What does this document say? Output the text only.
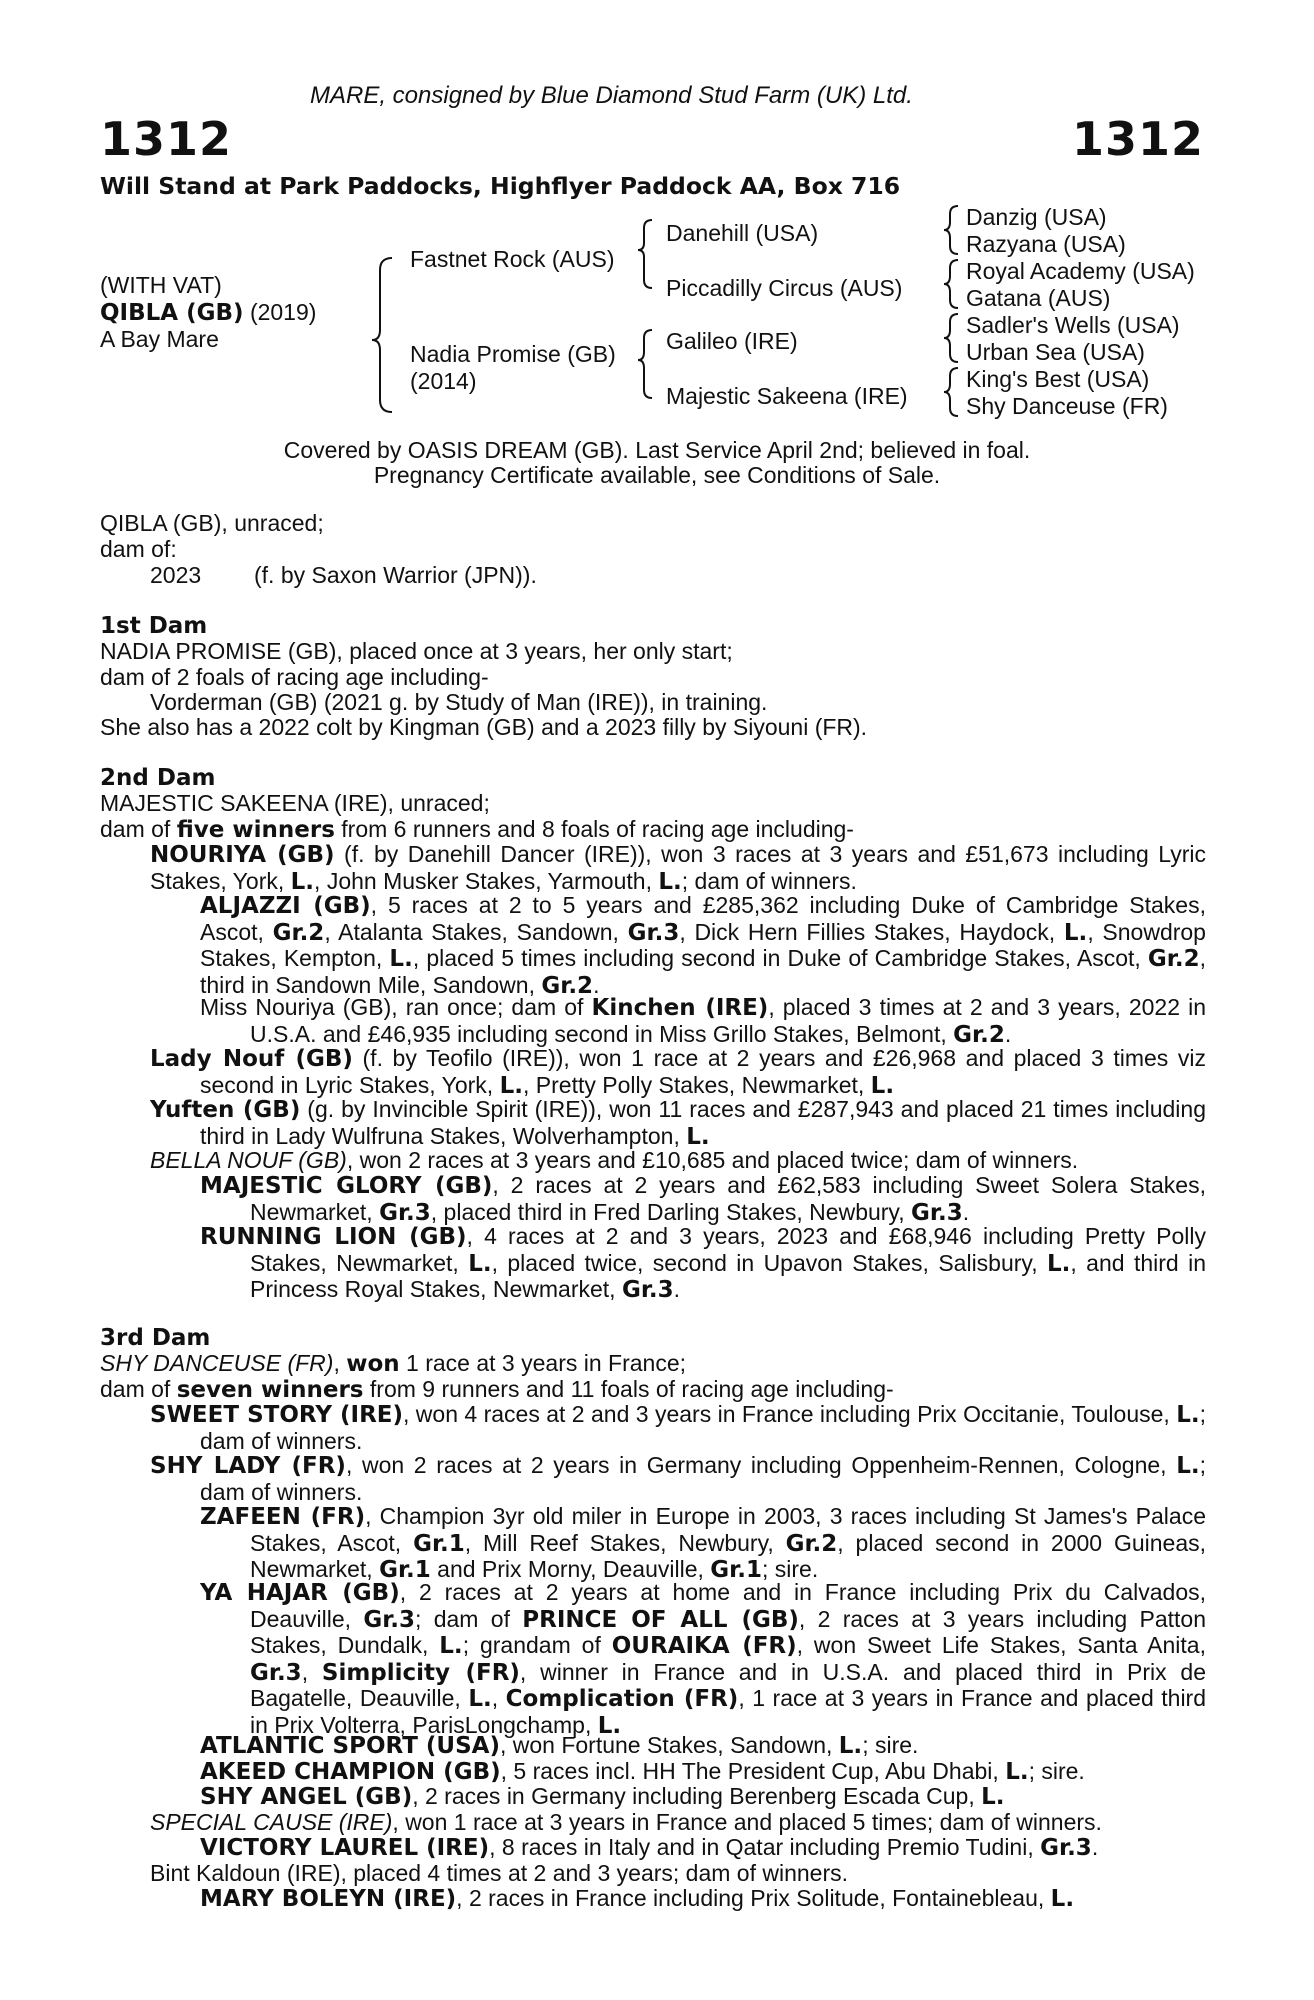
MARE, consigned by Blue Diamond Stud Farm (UK) Ltd.
1312	1312
Will Stand at Park Paddocks, Highflyer Paddock AA, Box 716
(WITH VAT)
QIBLA (GB) (2019)
A Bay Mare
Fastnet Rock (AUS)
Nadia Promise (GB)
(2014)
Danehill (USA)
Piccadilly Circus (AUS)
Galileo (IRE)
Majestic Sakeena (IRE)
Danzig (USA)
Razyana (USA)
Royal Academy (USA)
Gatana (AUS)
Sadler's Wells (USA)
Urban Sea (USA)
King's Best (USA)
Shy Danceuse (FR)
Covered by OASIS DREAM (GB). Last Service April 2nd; believed in foal.
Pregnancy Certificate available, see Conditions of Sale.
QIBLA (GB), unraced;
dam of:
2023 (f. by Saxon Warrior (JPN)).
1st Dam
NADIA PROMISE (GB), placed once at 3 years, her only start;
dam of 2 foals of racing age including-
Vorderman (GB) (2021 g. by Study of Man (IRE)), in training.
She also has a 2022 colt by Kingman (GB) and a 2023 filly by Siyouni (FR).
2nd Dam
MAJESTIC SAKEENA (IRE), unraced;
dam of five winners from 6 runners and 8 foals of racing age including-
NOURIYA (GB) (f. by Danehill Dancer (IRE)), won 3 races at 3 years and £51,673 including Lyric Stakes, York, L., John Musker Stakes, Yarmouth, L.; dam of winners.
ALJAZZI (GB), 5 races at 2 to 5 years and £285,362 including Duke of Cambridge Stakes, Ascot, Gr.2, Atalanta Stakes, Sandown, Gr.3, Dick Hern Fillies Stakes, Haydock, L., Snowdrop Stakes, Kempton, L., placed 5 times including second in Duke of Cambridge Stakes, Ascot, Gr.2, third in Sandown Mile, Sandown, Gr.2.
Miss Nouriya (GB), ran once; dam of Kinchen (IRE), placed 3 times at 2 and 3 years, 2022 in U.S.A. and £46,935 including second in Miss Grillo Stakes, Belmont, Gr.2.
Lady Nouf (GB) (f. by Teofilo (IRE)), won 1 race at 2 years and £26,968 and placed 3 times viz second in Lyric Stakes, York, L., Pretty Polly Stakes, Newmarket, L.
Yuften (GB) (g. by Invincible Spirit (IRE)), won 11 races and £287,943 and placed 21 times including third in Lady Wulfruna Stakes, Wolverhampton, L.
BELLA NOUF (GB), won 2 races at 3 years and £10,685 and placed twice; dam of winners.
MAJESTIC GLORY (GB), 2 races at 2 years and £62,583 including Sweet Solera Stakes, Newmarket, Gr.3, placed third in Fred Darling Stakes, Newbury, Gr.3.
RUNNING LION (GB), 4 races at 2 and 3 years, 2023 and £68,946 including Pretty Polly Stakes, Newmarket, L., placed twice, second in Upavon Stakes, Salisbury, L., and third in Princess Royal Stakes, Newmarket, Gr.3.
3rd Dam
SHY DANCEUSE (FR), won 1 race at 3 years in France;
dam of seven winners from 9 runners and 11 foals of racing age including-
SWEET STORY (IRE), won 4 races at 2 and 3 years in France including Prix Occitanie, Toulouse, L.; dam of winners.
SHY LADY (FR), won 2 races at 2 years in Germany including Oppenheim-Rennen, Cologne, L.; dam of winners.
ZAFEEN (FR), Champion 3yr old miler in Europe in 2003, 3 races including St James's Palace Stakes, Ascot, Gr.1, Mill Reef Stakes, Newbury, Gr.2, placed second in 2000 Guineas, Newmarket, Gr.1 and Prix Morny, Deauville, Gr.1; sire.
YA HAJAR (GB), 2 races at 2 years at home and in France including Prix du Calvados, Deauville, Gr.3; dam of PRINCE OF ALL (GB), 2 races at 3 years including Patton Stakes, Dundalk, L.; grandam of OURAIKA (FR), won Sweet Life Stakes, Santa Anita, Gr.3, Simplicity (FR), winner in France and in U.S.A. and placed third in Prix de Bagatelle, Deauville, L., Complication (FR), 1 race at 3 years in France and placed third in Prix Volterra, ParisLongchamp, L.
ATLANTIC SPORT (USA), won Fortune Stakes, Sandown, L.; sire.
AKEED CHAMPION (GB), 5 races incl. HH The President Cup, Abu Dhabi, L.; sire.
SHY ANGEL (GB), 2 races in Germany including Berenberg Escada Cup, L.
SPECIAL CAUSE (IRE), won 1 race at 3 years in France and placed 5 times; dam of winners.
VICTORY LAUREL (IRE), 8 races in Italy and in Qatar including Premio Tudini, Gr.3.
Bint Kaldoun (IRE), placed 4 times at 2 and 3 years; dam of winners.
MARY BOLEYN (IRE), 2 races in France including Prix Solitude, Fontainebleau, L.
